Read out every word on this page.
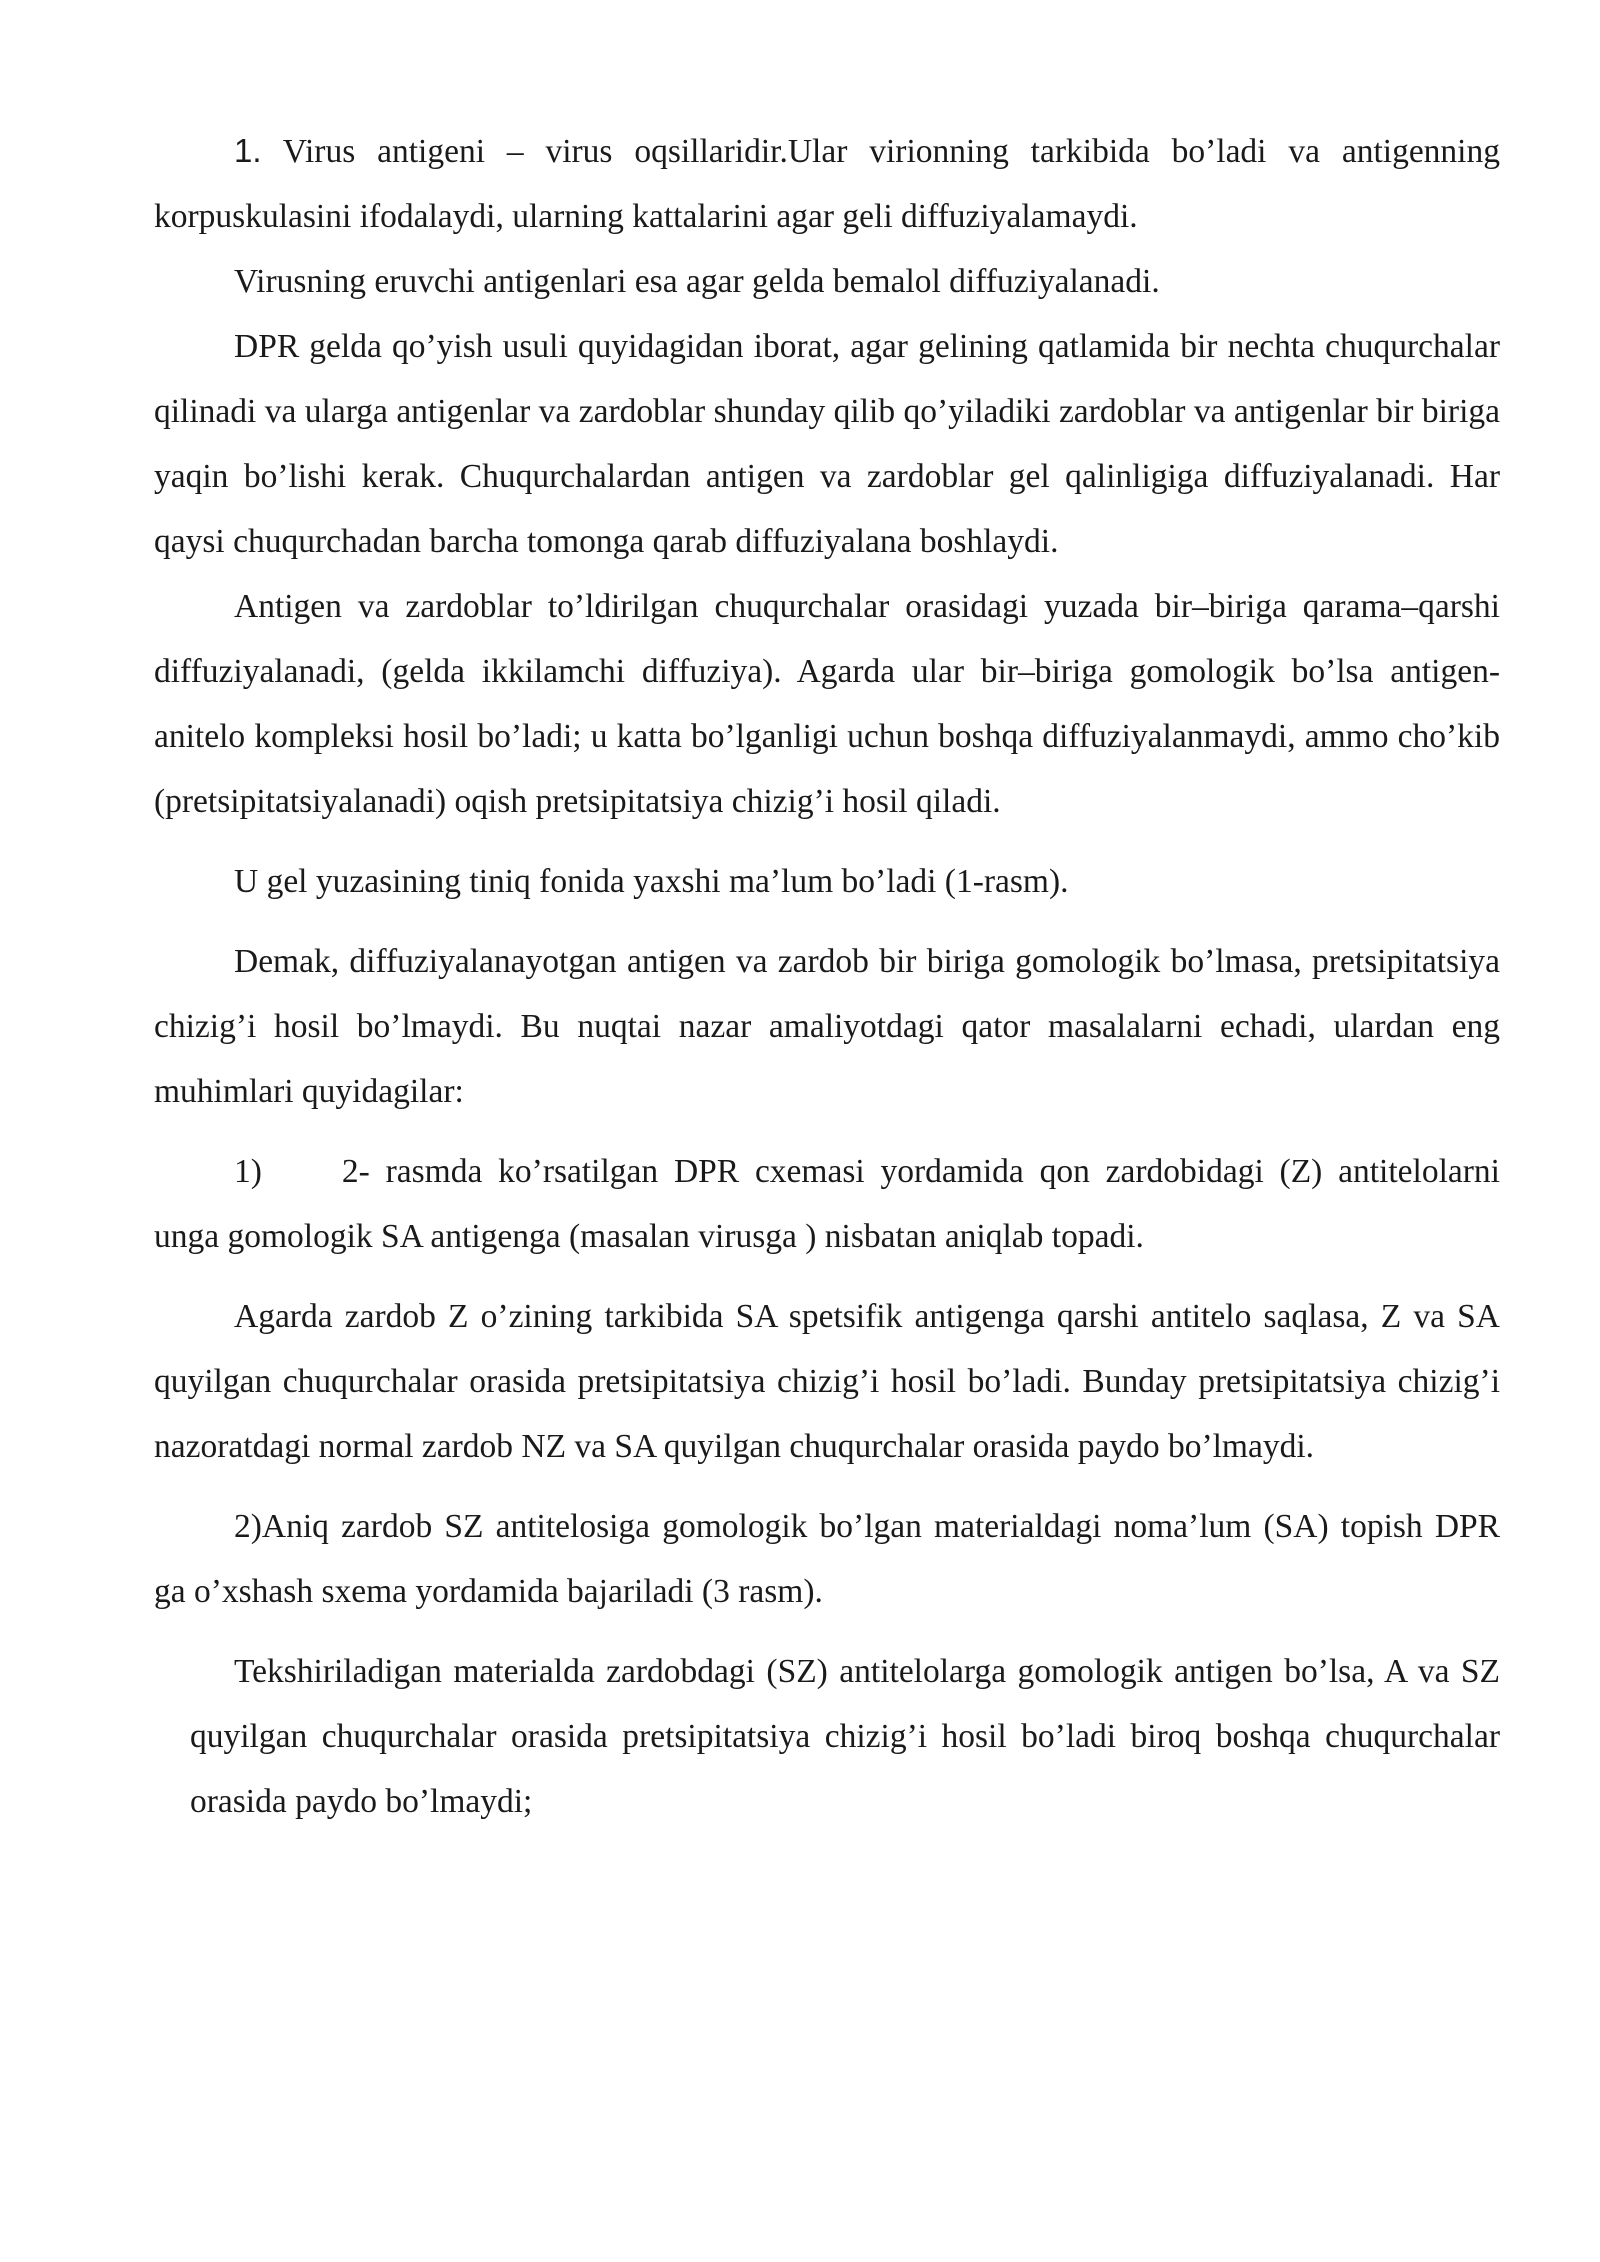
1. Virus antigeni – virus oqsillaridir.Ular virionning tarkibida bo’ladi va antigenning korpuskulasini ifodalaydi, ularning kattalarini agar geli diffuziyalamaydi.

Virusning eruvchi antigenlari esa agar gelda bemalol diffuziyalanadi.

DPR gelda qo’yish usuli quyidagidan iborat, agar gelining qatlamida bir nechta chuqurchalar qilinadi va ularga antigenlar va zardoblar shunday qilib qo’yiladiki zardoblar va antigenlar bir biriga yaqin bo’lishi kerak. Chuqurchalardan antigen va zardoblar gel qalinligiga diffuziyalanadi. Har qaysi chuqurchadan barcha tomonga qarab diffuziyalana boshlaydi.

Antigen va zardoblar to’ldirilgan chuqurchalar orasidagi yuzada bir–biriga qarama–qarshi diffuziyalanadi, (gelda ikkilamchi diffuziya). Agarda ular bir–biriga gomologik bo’lsa antigen- anitelo kompleksi hosil bo’ladi; u katta bo’lganligi uchun boshqa diffuziyalanmaydi, ammo cho’kib (pretsipitatsiyalanadi) oqish pretsipitatsiya chizig’i hosil qiladi.

U gel yuzasining tiniq fonida yaxshi ma’lum bo’ladi (1-rasm).

Demak, diffuziyalanayotgan antigen va zardob bir biriga gomologik bo’lmasa, pretsipitatsiya chizig’i hosil bo’lmaydi. Bu nuqtai nazar amaliyotdagi qator masalalarni echadi, ulardan eng muhimlari quyidagilar:

1) 2- rasmda ko’rsatilgan DPR cxemasi yordamida qon zardobidagi (Z) antitelolarni unga gomologik SA antigenga (masalan virusga ) nisbatan aniqlab topadi.

Agarda zardob Z o’zining tarkibida SA spetsifik antigenga qarshi antitelo saqlasa, Z va SA quyilgan chuqurchalar orasida pretsipitatsiya chizig’i hosil bo’ladi. Bunday pretsipitatsiya chizig’i nazoratdagi normal zardob NZ va SA quyilgan chuqurchalar orasida paydo bo’lmaydi.

2)Aniq zardob SZ antitelosiga gomologik bo’lgan materialdagi noma’lum (SA) topish DPR ga o’xshash sxema yordamida bajariladi (3 rasm).

Tekshiriladigan materialda zardobdagi (SZ) antitelolarga gomologik antigen bo’lsa, A va SZ quyilgan chuqurchalar orasida pretsipitatsiya chizig’i hosil bo’ladi biroq boshqa chuqurchalar orasida paydo bo’lmaydi;
